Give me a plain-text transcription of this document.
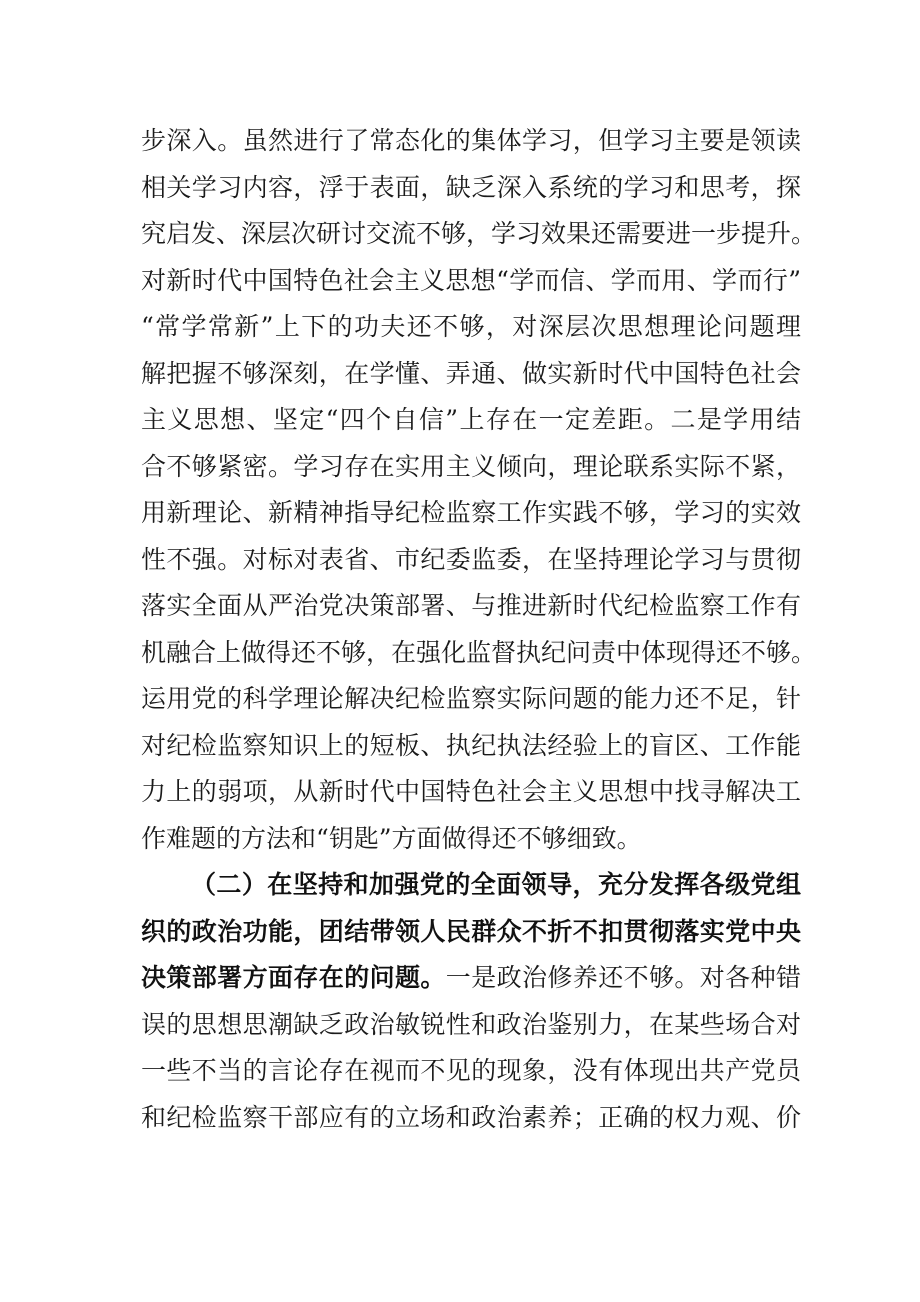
步深入。虽然进行了常态化的集体学习，但学习主要是领读
相关学习内容，浮于表面，缺乏深入系统的学习和思考，探
究启发、深层次研讨交流不够，学习效果还需要进一步提升。
对新时代中国特色社会主义思想“学而信、学而用、学而行”
“常学常新”上下的功夫还不够，对深层次思想理论问题理
解把握不够深刻，在学懂、弄通、做实新时代中国特色社会
主义思想、坚定“四个自信”上存在一定差距。二是学用结
合不够紧密。学习存在实用主义倾向，理论联系实际不紧，
用新理论、新精神指导纪检监察工作实践不够，学习的实效
性不强。对标对表省、市纪委监委，在坚持理论学习与贯彻
落实全面从严治党决策部署、与推进新时代纪检监察工作有
机融合上做得还不够，在强化监督执纪问责中体现得还不够。
运用党的科学理论解决纪检监察实际问题的能力还不足，针
对纪检监察知识上的短板、执纪执法经验上的盲区、工作能
力上的弱项，从新时代中国特色社会主义思想中找寻解决工
作难题的方法和“钥匙”方面做得还不够细致。
（二）在坚持和加强党的全面领导，充分发挥各级党组
织的政治功能，团结带领人民群众不折不扣贯彻落实党中央
决策部署方面存在的问题。一是政治修养还不够。对各种错
误的思想思潮缺乏政治敏锐性和政治鉴别力，在某些场合对
一些不当的言论存在视而不见的现象，没有体现出共产党员
和纪检监察干部应有的立场和政治素养；正确的权力观、价
